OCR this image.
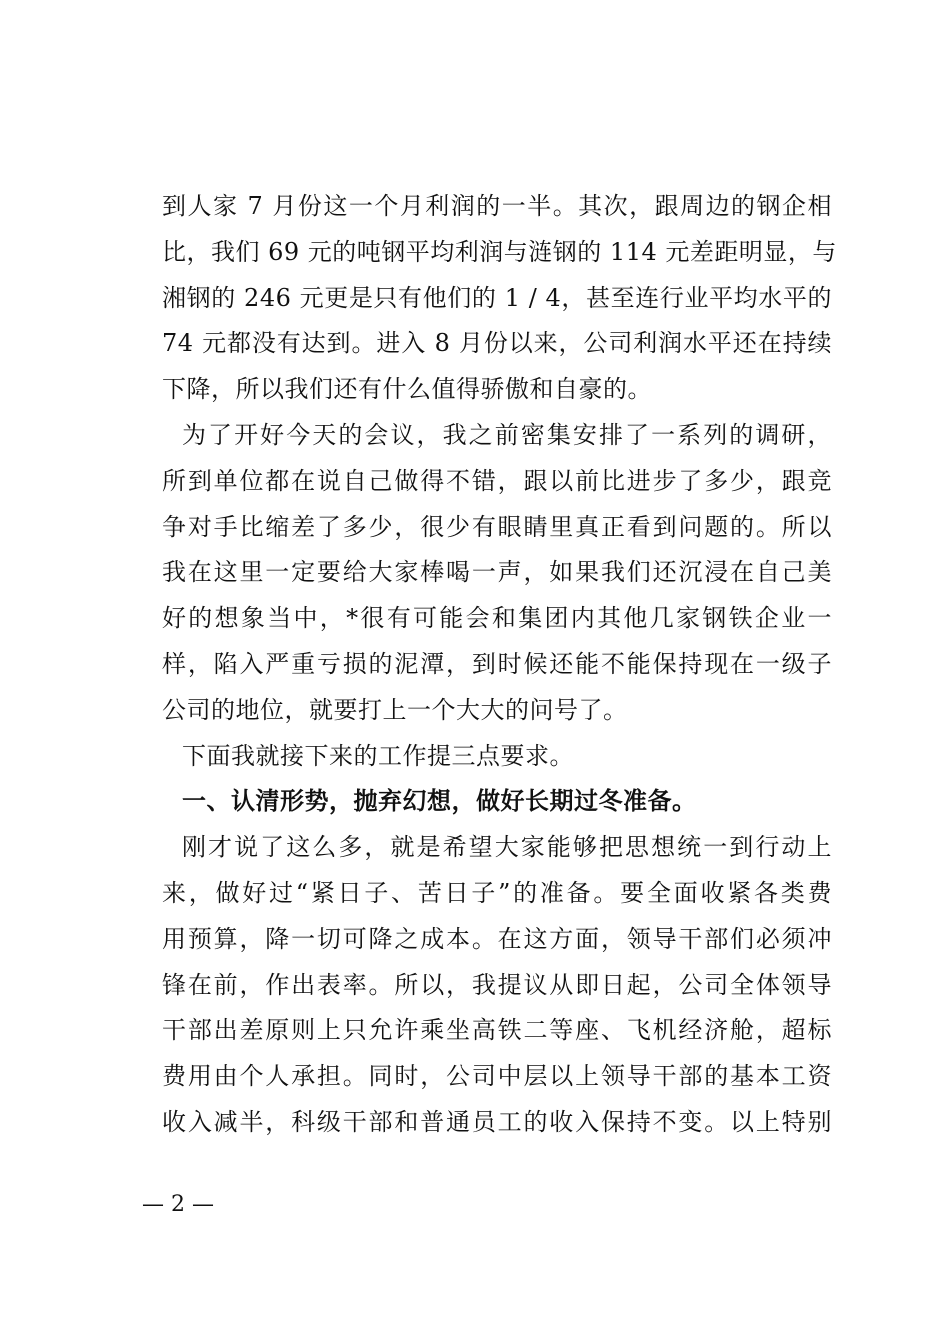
到人家 7 月份这一个月利润的一半。其次，跟周边的钢企相
比，我们 69 元的吨钢平均利润与涟钢的 114 元差距明显，与
湘钢的 246 元更是只有他们的 1 / 4，甚至连行业平均水平的
74 元都没有达到。进入 8 月份以来，公司利润水平还在持续
下降，所以我们还有什么值得骄傲和自豪的。
为了开好今天的会议，我之前密集安排了一系列的调研，
所到单位都在说自己做得不错，跟以前比进步了多少，跟竞
争对手比缩差了多少，很少有眼睛里真正看到问题的。所以
我在这里一定要给大家棒喝一声，如果我们还沉浸在自己美
好的想象当中，*很有可能会和集团内其他几家钢铁企业一
样，陷入严重亏损的泥潭，到时候还能不能保持现在一级子
公司的地位，就要打上一个大大的问号了。
下面我就接下来的工作提三点要求。
一、认清形势，抛弃幻想，做好长期过冬准备。
刚才说了这么多，就是希望大家能够把思想统一到行动上
来，做好过“紧日子、苦日子”的准备。要全面收紧各类费
用预算，降一切可降之成本。在这方面，领导干部们必须冲
锋在前，作出表率。所以，我提议从即日起，公司全体领导
干部出差原则上只允许乘坐高铁二等座、飞机经济舱，超标
费用由个人承担。同时，公司中层以上领导干部的基本工资
收入减半，科级干部和普通员工的收入保持不变。以上特别
— 2 —
